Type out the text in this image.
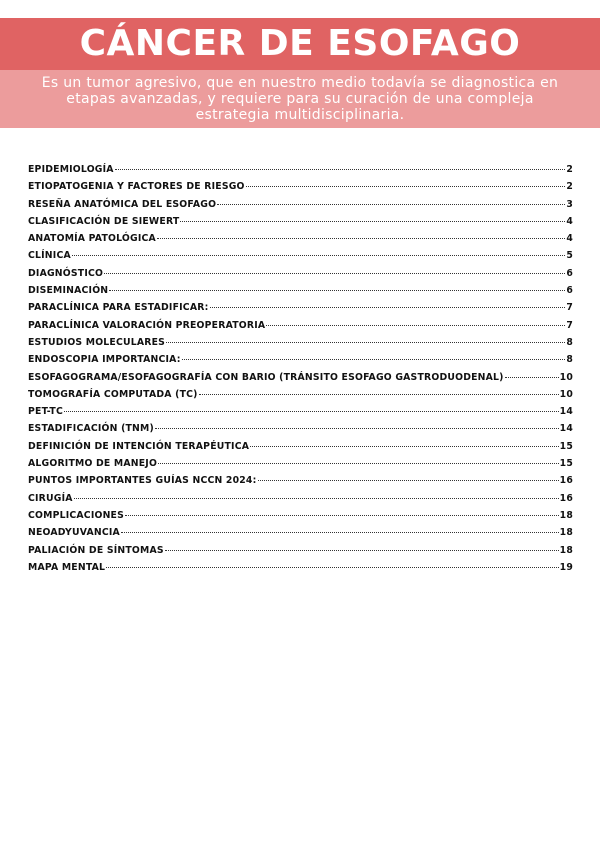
CÁNCER DE ESOFAGO

Es un tumor agresivo, que en nuestro medio todavía se diagnostica en etapas avanzadas, y requiere para su curación de una compleja estrategia multidisciplinaria.

EPIDEMIOLOGÍA	2
ETIOPATOGENIA Y FACTORES DE RIESGO	2
RESEÑA ANATÓMICA DEL ESOFAGO	3
CLASIFICACIÓN DE SIEWERT	4
ANATOMÍA PATOLÓGICA	4
CLÍNICA	5
DIAGNÓSTICO	6
DISEMINACIÓN	6
PARACLÍNICA PARA ESTADIFICAR:	7
PARACLÍNICA VALORACIÓN PREOPERATORIA	7
ESTUDIOS MOLECULARES	8
ENDOSCOPIA IMPORTANCIA:	8
ESOFAGOGRAMA/ESOFAGOGRAFÍA CON BARIO (TRÁNSITO ESOFAGO GASTRODUODENAL)	10
TOMOGRAFÍA COMPUTADA (TC)	10
PET-TC	14
ESTADIFICACIÓN (TNM)	14
DEFINICIÓN DE INTENCIÓN TERAPÉUTICA	15
ALGORITMO DE MANEJO	15
PUNTOS IMPORTANTES GUÍAS NCCN 2024:	16
CIRUGÍA	16
COMPLICACIONES	18
NEOADYUVANCIA	18
PALIACIÓN DE SÍNTOMAS	18
MAPA MENTAL	19
